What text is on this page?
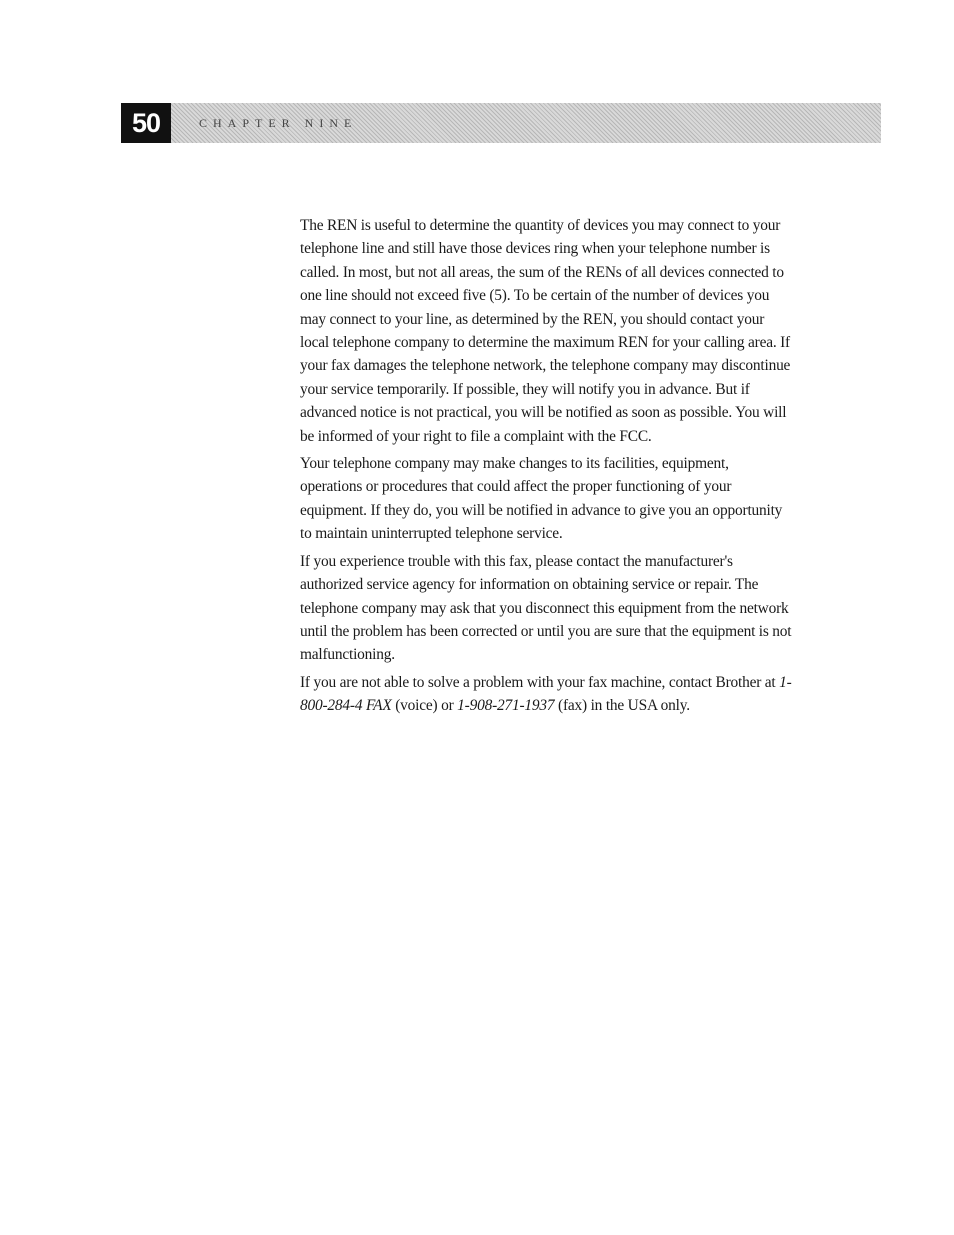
50	CHAPTER NINE

The REN is useful to determine the quantity of devices you may connect to your telephone line and still have those devices ring when your telephone number is called. In most, but not all areas, the sum of the RENs of all devices connected to one line should not exceed five (5). To be certain of the number of devices you may connect to your line, as determined by the REN, you should contact your local telephone company to determine the maximum REN for your calling area. If your fax damages the telephone network, the telephone company may discontinue your service temporarily. If possible, they will notify you in advance. But if advanced notice is not practical, you will be notified as soon as possible. You will be informed of your right to file a complaint with the FCC.

Your telephone company may make changes to its facilities, equipment, operations or procedures that could affect the proper functioning of your equipment. If they do, you will be notified in advance to give you an opportunity to maintain uninterrupted telephone service.

If you experience trouble with this fax, please contact the manufacturer's authorized service agency for information on obtaining service or repair. The telephone company may ask that you disconnect this equipment from the network until the problem has been corrected or until you are sure that the equipment is not malfunctioning.

If you are not able to solve a problem with your fax machine, contact Brother at 1-800-284-4 FAX (voice) or 1-908-271-1937 (fax) in the USA only.
